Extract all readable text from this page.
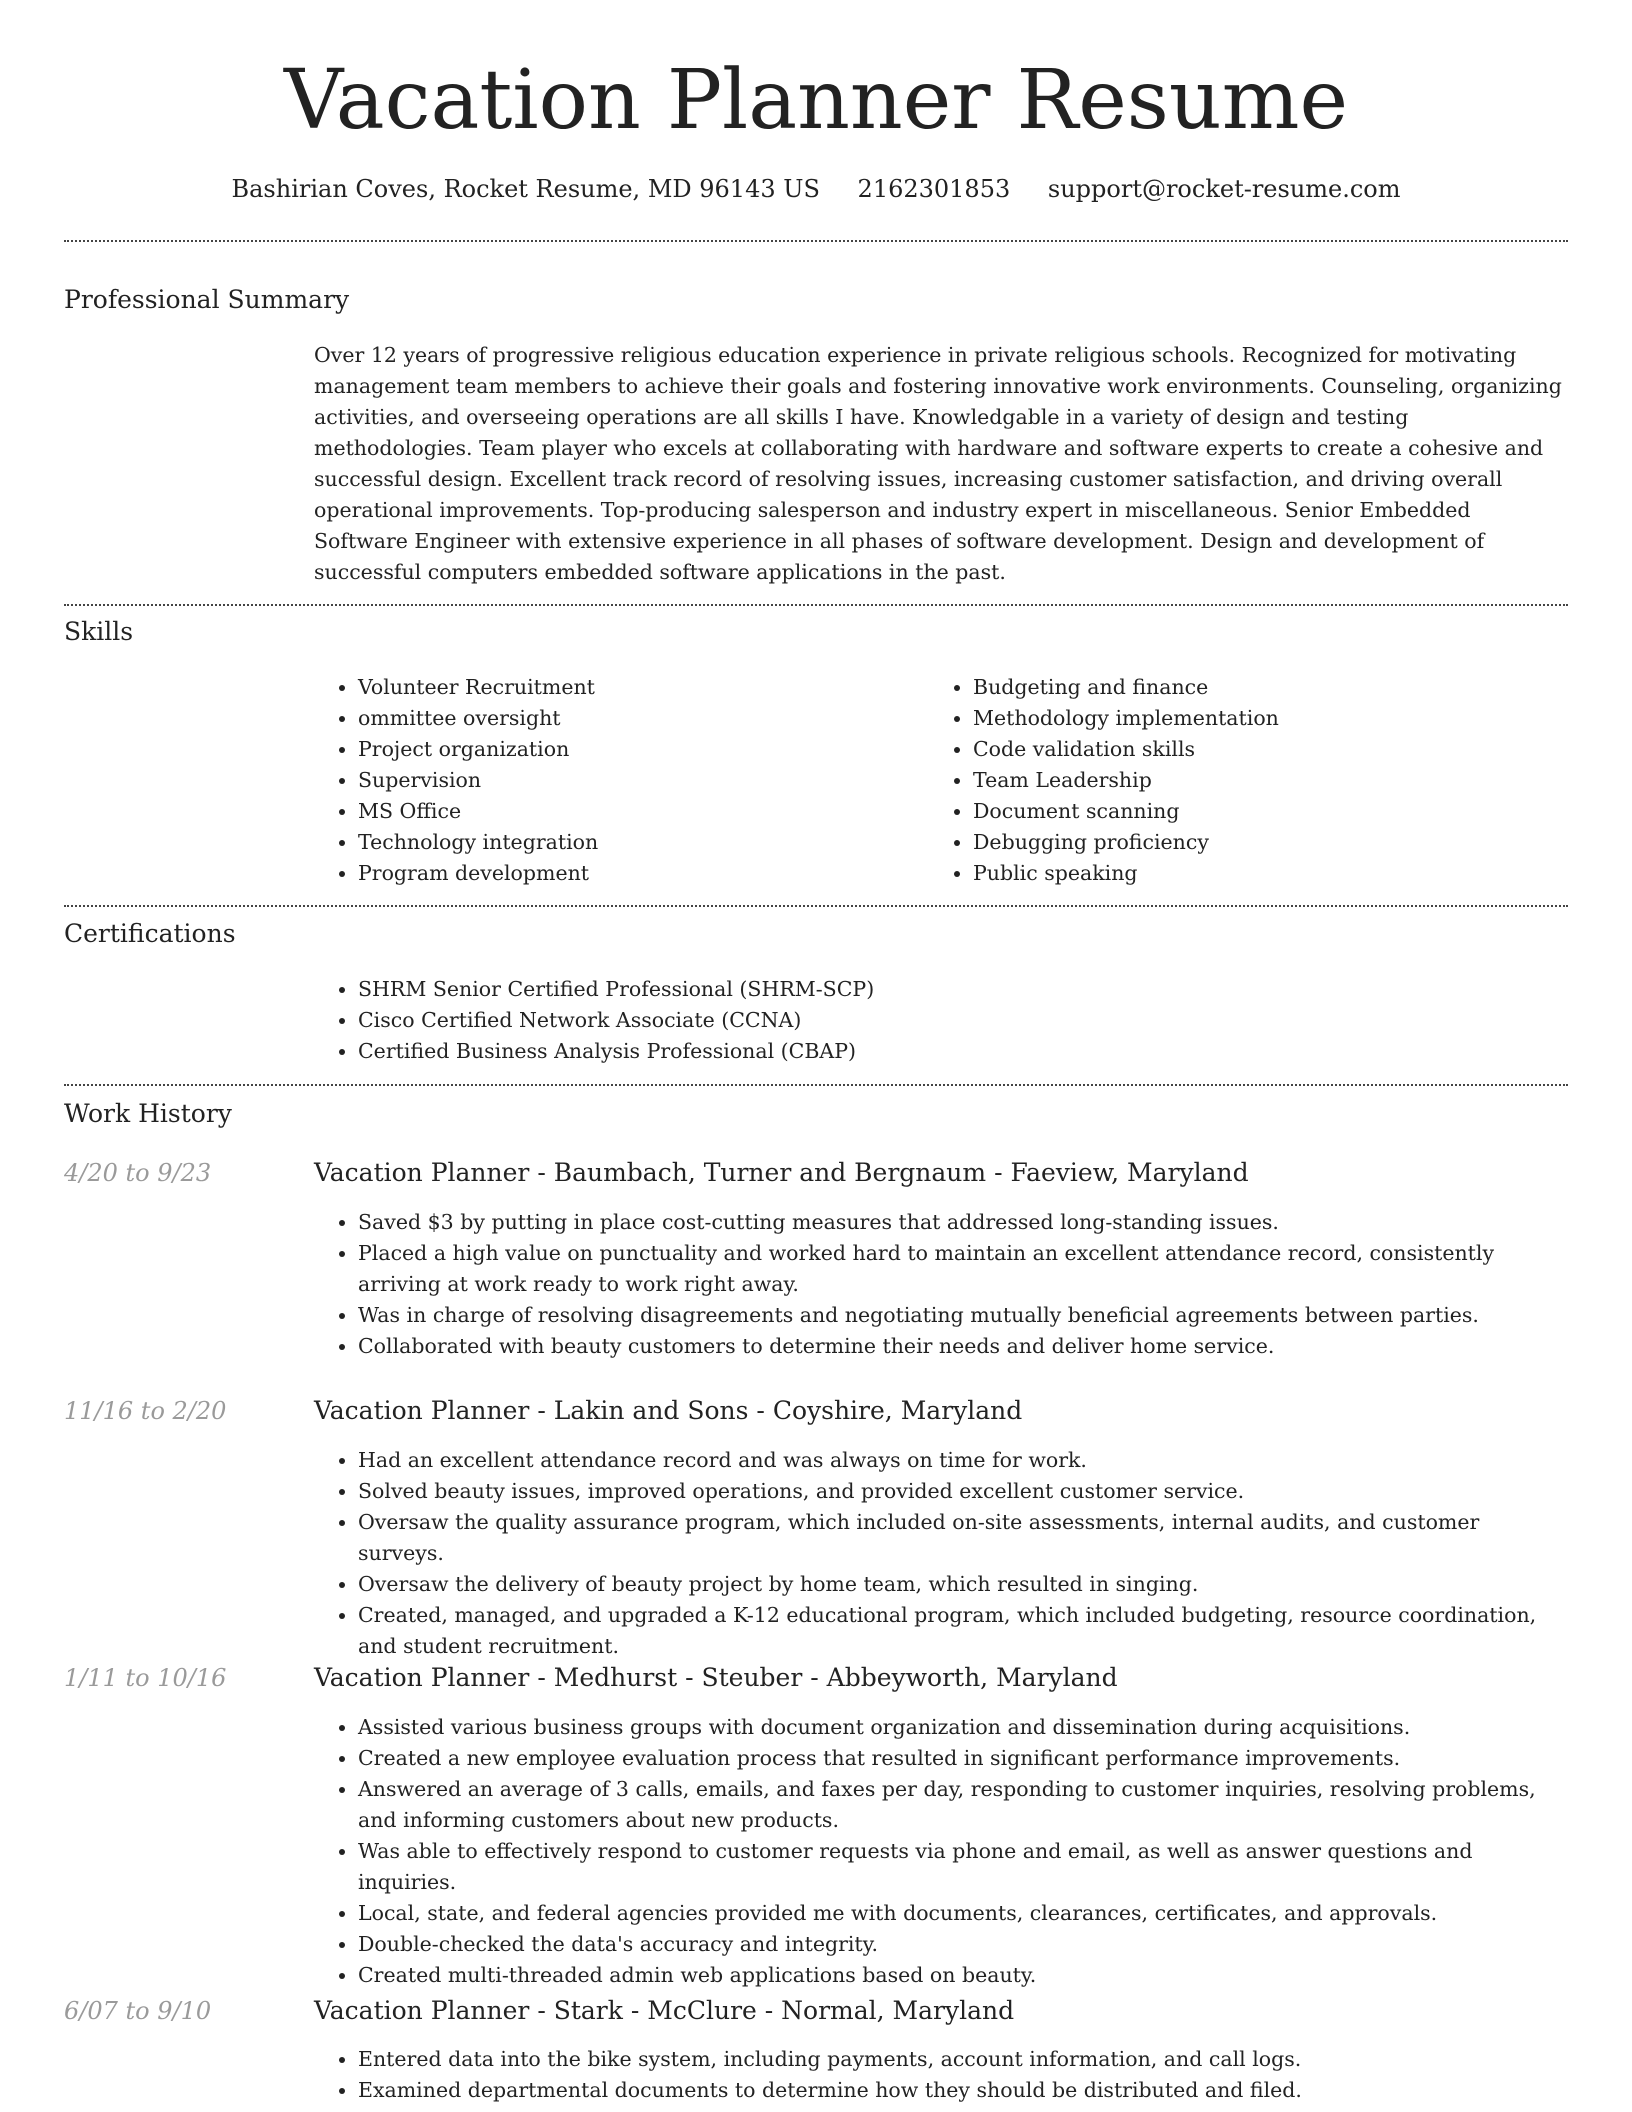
Vacation Planner Resume
Bashirian Coves, Rocket Resume, MD 96143 US 2162301853 support@rocket-resume.com
Professional Summary
Over 12 years of progressive religious education experience in private religious schools. Recognized for motivating management team members to achieve their goals and fostering innovative work environments. Counseling, organizing activities, and overseeing operations are all skills I have. Knowledgable in a variety of design and testing methodologies. Team player who excels at collaborating with hardware and software experts to create a cohesive and successful design. Excellent track record of resolving issues, increasing customer satisfaction, and driving overall operational improvements. Top-producing salesperson and industry expert in miscellaneous. Senior Embedded Software Engineer with extensive experience in all phases of software development. Design and development of successful computers embedded software applications in the past.
Skills
• Volunteer Recruitment
• ommittee oversight
• Project organization
• Supervision
• MS Office
• Technology integration
• Program development
• Budgeting and finance
• Methodology implementation
• Code validation skills
• Team Leadership
• Document scanning
• Debugging proficiency
• Public speaking
Certifications
• SHRM Senior Certified Professional (SHRM-SCP)
• Cisco Certified Network Associate (CCNA)
• Certified Business Analysis Professional (CBAP)
Work History
4/20 to 9/23	Vacation Planner - Baumbach, Turner and Bergnaum - Faeview, Maryland
• Saved $3 by putting in place cost-cutting measures that addressed long-standing issues.
• Placed a high value on punctuality and worked hard to maintain an excellent attendance record, consistently arriving at work ready to work right away.
• Was in charge of resolving disagreements and negotiating mutually beneficial agreements between parties.
• Collaborated with beauty customers to determine their needs and deliver home service.
11/16 to 2/20	Vacation Planner - Lakin and Sons - Coyshire, Maryland
• Had an excellent attendance record and was always on time for work.
• Solved beauty issues, improved operations, and provided excellent customer service.
• Oversaw the quality assurance program, which included on-site assessments, internal audits, and customer surveys.
• Oversaw the delivery of beauty project by home team, which resulted in singing.
• Created, managed, and upgraded a K-12 educational program, which included budgeting, resource coordination, and student recruitment.
1/11 to 10/16	Vacation Planner - Medhurst - Steuber - Abbeyworth, Maryland
• Assisted various business groups with document organization and dissemination during acquisitions.
• Created a new employee evaluation process that resulted in significant performance improvements.
• Answered an average of 3 calls, emails, and faxes per day, responding to customer inquiries, resolving problems, and informing customers about new products.
• Was able to effectively respond to customer requests via phone and email, as well as answer questions and inquiries.
• Local, state, and federal agencies provided me with documents, clearances, certificates, and approvals.
• Double-checked the data's accuracy and integrity.
• Created multi-threaded admin web applications based on beauty.
6/07 to 9/10	Vacation Planner - Stark - McClure - Normal, Maryland
• Entered data into the bike system, including payments, account information, and call logs.
• Examined departmental documents to determine how they should be distributed and filed.
